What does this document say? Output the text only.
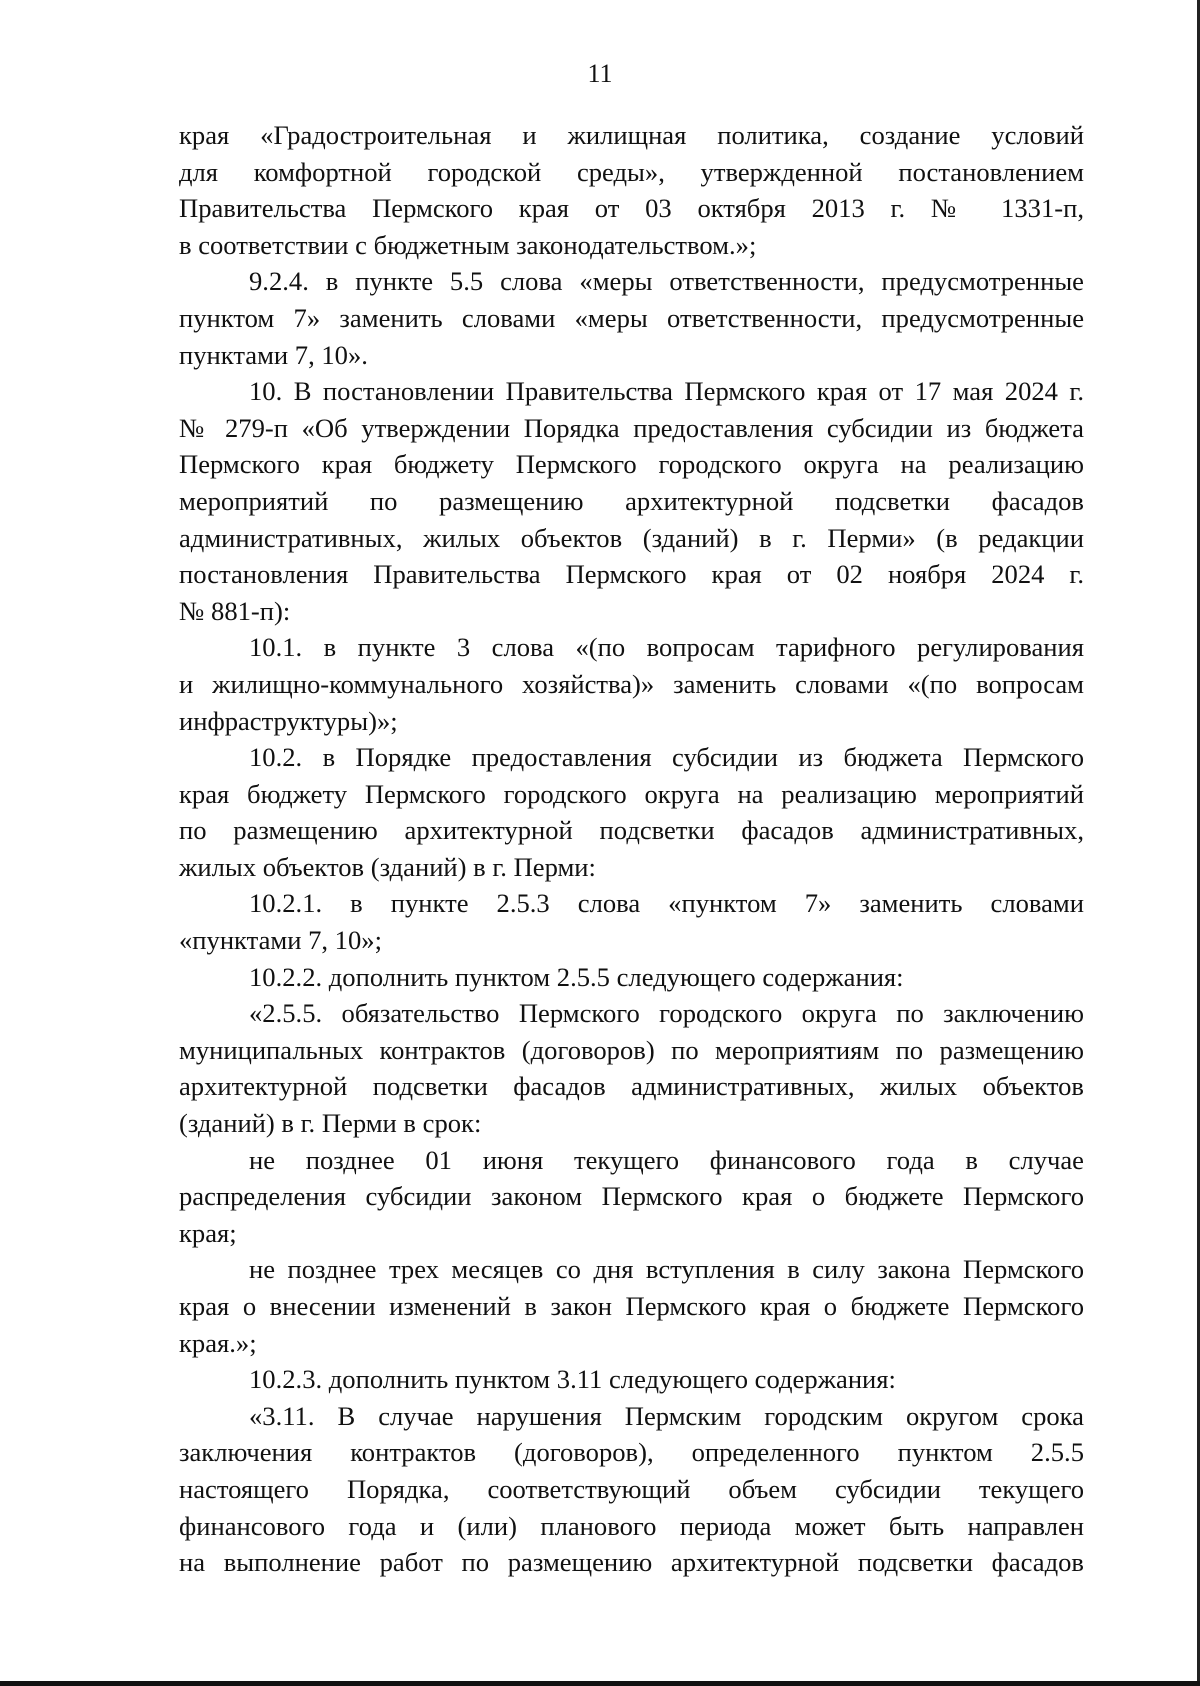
11
края «Градостроительная и жилищная политика, создание условий
для комфортной городской среды», утвержденной постановлением
Правительства Пермского края от 03 октября 2013 г. № 1331-п,
в соответствии с бюджетным законодательством.»;
9.2.4. в пункте 5.5 слова «меры ответственности, предусмотренные
пунктом 7» заменить словами «меры ответственности, предусмотренные
пунктами 7, 10».
10. В постановлении Правительства Пермского края от 17 мая 2024 г.
№ 279-п «Об утверждении Порядка предоставления субсидии из бюджета
Пермского края бюджету Пермского городского округа на реализацию
мероприятий по размещению архитектурной подсветки фасадов
административных, жилых объектов (зданий) в г. Перми» (в редакции
постановления Правительства Пермского края от 02 ноября 2024 г.
№ 881-п):
10.1. в пункте 3 слова «(по вопросам тарифного регулирования
и жилищно-коммунального хозяйства)» заменить словами «(по вопросам
инфраструктуры)»;
10.2. в Порядке предоставления субсидии из бюджета Пермского
края бюджету Пермского городского округа на реализацию мероприятий
по размещению архитектурной подсветки фасадов административных,
жилых объектов (зданий) в г. Перми:
10.2.1. в пункте 2.5.3 слова «пунктом 7» заменить словами
«пунктами 7, 10»;
10.2.2. дополнить пунктом 2.5.5 следующего содержания:
«2.5.5. обязательство Пермского городского округа по заключению
муниципальных контрактов (договоров) по мероприятиям по размещению
архитектурной подсветки фасадов административных, жилых объектов
(зданий) в г. Перми в срок:
не позднее 01 июня текущего финансового года в случае
распределения субсидии законом Пермского края о бюджете Пермского
края;
не позднее трех месяцев со дня вступления в силу закона Пермского
края о внесении изменений в закон Пермского края о бюджете Пермского
края.»;
10.2.3. дополнить пунктом 3.11 следующего содержания:
«3.11. В случае нарушения Пермским городским округом срока
заключения контрактов (договоров), определенного пунктом 2.5.5
настоящего Порядка, соответствующий объем субсидии текущего
финансового года и (или) планового периода может быть направлен
на выполнение работ по размещению архитектурной подсветки фасадов
